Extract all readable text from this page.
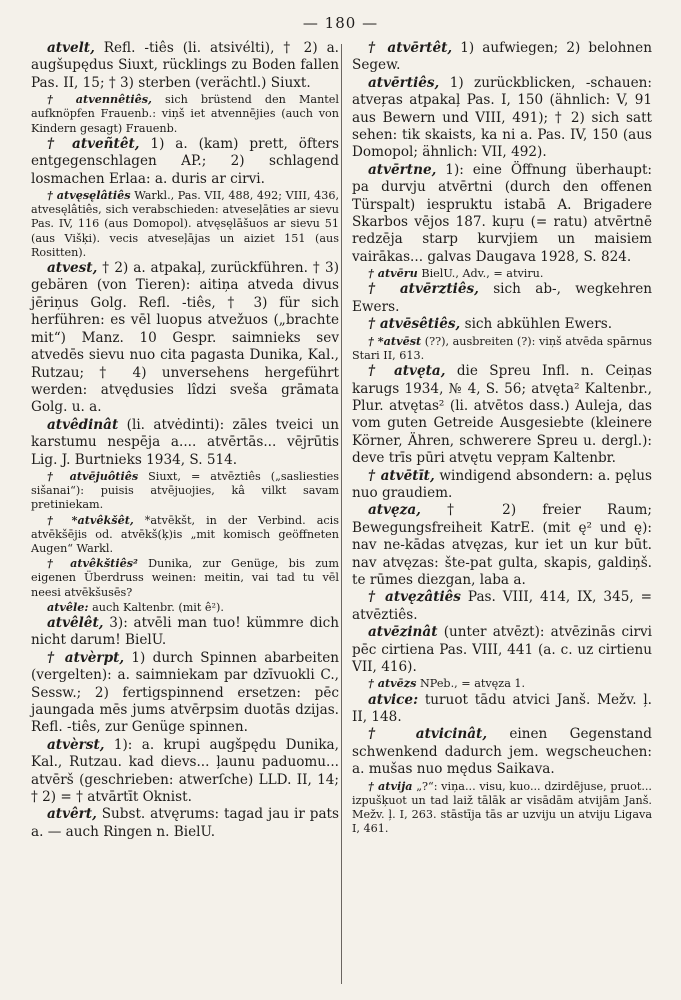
— 180 —

atvelt, Refl. -tiês (li. atsivélti), † 2) a. augšupędus Siuxt, rücklings zu Boden fallen Pas. II, 15; † 3) sterben (verächtl.) Siuxt.

† atvennêtiês, sich brüstend den Mantel aufknöpfen Frauenb.: viņš iet atvennējies (auch von Kindern gesagt) Frauenb.

† atveñtêt, 1) a. (kam) prett, öfters entgegenschlagen AP.; 2) schlagend losmachen Erlaa: a. duris ar cirvi.

† atvęsęlâtiês Warkl., Pas. VII, 488, 492; VIII, 436, atvesęlâtiês, sich verabschieden: atveseļāties ar sievu Pas. IV, 116 (aus Domopol). atvęsęlāšuos ar sievu 51 (aus Višķi). vecis atveseļājas un aiziet 151 (aus Rositten).

atvest, † 2) a. atpakaļ, zurückführen. † 3) gebären (von Tieren): aitiņa atveda divus jēriņus Golg. Refl. -tiês, † 3) für sich herführen: es vēl luopus atvežuos („brachte mit“) Manz. 10 Gespr. saimnieks sev atvedēs sievu nuo cita pagasta Dunika, Kal., Rutzau; † 4) unversehens hergeführt werden: atvędusies lîdzi sveša grāmata Golg. u. a.

atvêdinât (li. atvėdinti): zāles tveici un karstumu nespēja a.... atvērtās... vējrūtis Lig. J. Burtnieks 1934, S. 514.

† atvējuôtiês Siuxt, = atvēztiês („sasliesties sišanai“): puisis atvējuojies, kâ vilkt savam pretiniekam.

† *atvêkšêt, *atvēkšt, in der Verbind. acis atvēkšējis od. atvēkš(ķ)is „mit komisch geöffneten Augen“ Warkl.

† atvêkštiês² Dunika, zur Genüge, bis zum eigenen Überdruss weinen: meitin, vai tad tu vēl neesi atvēkšusēs?

atvêle: auch Kaltenbr. (mit ê²).

atvêlêt, 3): atvēli man tuo! kümmre dich nicht darum! BielU.

† atvèrpt, 1) durch Spinnen abarbeiten (vergelten): a. saimniekam par dzīvuokli C., Sessw.; 2) fertigspinnend ersetzen: pēc jaungada mēs jums atvērpsim duotās dzijas. Refl. -tiês, zur Genüge spinnen.

atvèrst, 1): a. krupi augšpędu Dunika, Kal., Rutzau. kad dievs... ļaunu paduomu... atvērš (geschrieben: atwerſche) LLD. II, 14; † 2) = † atvārtīt Oknist.

atvêrt, Subst. atvęrums: tagad jau ir pats a. — auch Ringen n. BielU.

† atvērtêt, 1) aufwiegen; 2) belohnen Segew.

atvērtiês, 1) zurückblicken, -schauen: atveŗas atpakaļ Pas. I, 150 (ähnlich: V, 91 aus Bewern und VIII, 491); † 2) sich satt sehen: tik skaists, ka ni a. Pas. IV, 150 (aus Domopol; ähnlich: VII, 492).

atvērtne, 1): eine Öffnung überhaupt: pa durvju atvērtni (durch den offenen Türspalt) iespruktu istabā A. Brigadere Skarbos vējos 187. kuŗu (= ratu) atvērtnē redzēja starp kurvjiem un maisiem vairākas... galvas Daugava 1928, S. 824.

† atvēru BielU., Adv., = atviru.

† atvērztiês, sich ab-, wegkehren Ewers.

† atvēsêtiês, sich abkühlen Ewers.

† *atvēst (??), ausbreiten (?): viņš atvēda spārnus Stari II, 613.

† atvęta, die Spreu Infl. n. Ceiņas karugs 1934, № 4, S. 56; atvęta² Kaltenbr., Plur. atvętas² (li. atvētos dass.) Auleja, das vom guten Getreide Ausgesiebte (kleinere Körner, Ähren, schwerere Spreu u. dergl.): deve trīs pūri atvętu vepŗam Kaltenbr.

† atvētīt, windigend absondern: a. pęlus nuo graudiem.

atvęza, † 2) freier Raum; Bewegungsfreiheit KatrE. (mit ę² und ę): nav ne-kādas atvęzas, kur iet un kur būt. nav atvęzas: šte-pat gulta, skapis, galdiņš. te rūmes diezgan, laba a.

† atvęzâtiês Pas. VIII, 414, IX, 345, = atvēztiês.

atvēzinât (unter atvēzt): atvēzinās cirvi pēc cirtiena Pas. VIII, 441 (a. c. uz cirtienu VII, 416).

† atvēzs NPeb., = atvęza 1.

atvice: turuot tādu atvici Janš. Mežv. ļ. II, 148.

† atvicinât, einen Gegenstand schwenkend dadurch jem. wegscheuchen: a. mušas nuo mędus Saikava.

† atvija „?“: viņa... visu, kuo... dzirdējuse, pruot... izpušķuot un tad laiž tālāk ar visādām atvijām Janš. Mežv. ļ. I, 263. stāstīja tās ar uzviju un atviju Ligava I, 461.
